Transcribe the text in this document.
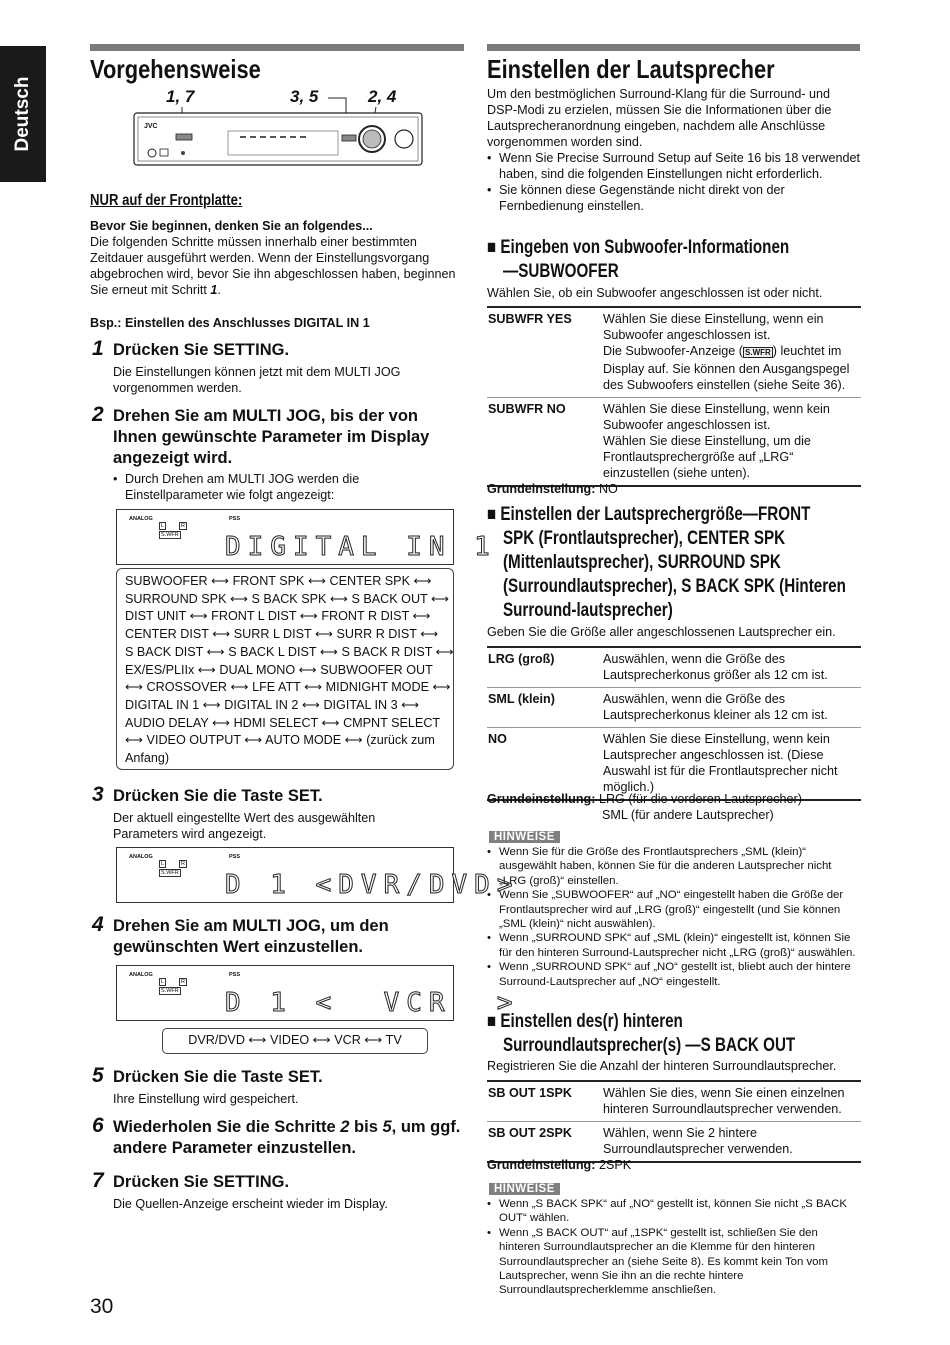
Deutsch
Vorgehensweise
1, 7	3, 5	2, 4
JVC
NUR auf der Frontplatte:
Bevor Sie beginnen, denken Sie an folgendes...
Die folgenden Schritte müssen innerhalb einer bestimmten Zeitdauer ausgeführt werden. Wenn der Einstellungsvorgang abgebrochen wird, bevor Sie ihn abgeschlossen haben, beginnen Sie erneut mit Schritt 1.
Bsp.: Einstellen des Anschlusses DIGITAL IN 1
1 Drücken Sie SETTING.
Die Einstellungen können jetzt mit dem MULTI JOG vorgenommen werden.
2 Drehen Sie am MULTI JOG, bis der von Ihnen gewünschte Parameter im Display angezeigt wird.
• Durch Drehen am MULTI JOG werden die Einstellparameter wie folgt angezeigt:
ANALOG
L	R
S.WFR
PSS
DIGITAL IN 1
SUBWOOFER ⟷ FRONT SPK ⟷ CENTER SPK ⟷
SURROUND SPK ⟷ S BACK SPK ⟷ S BACK OUT ⟷
DIST UNIT ⟷ FRONT L DIST ⟷ FRONT R DIST ⟷
CENTER DIST ⟷ SURR L DIST ⟷ SURR R DIST ⟷
S BACK DIST ⟷ S BACK L DIST ⟷ S BACK R DIST ⟷
EX/ES/PLIIx ⟷ DUAL MONO ⟷ SUBWOOFER OUT
⟷ CROSSOVER ⟷ LFE ATT ⟷ MIDNIGHT MODE ⟷
DIGITAL IN 1 ⟷ DIGITAL IN 2 ⟷ DIGITAL IN 3 ⟷
AUDIO DELAY ⟷ HDMI SELECT ⟷ CMPNT SELECT
⟷ VIDEO OUTPUT ⟷ AUTO MODE ⟷ (zurück zum
Anfang)
3 Drücken Sie die Taste SET.
Der aktuell eingestellte Wert des ausgewählten Parameters wird angezeigt.
ANALOG
L	R
S.WFR
PSS
D 1 <DVR/DVD>
4 Drehen Sie am MULTI JOG, um den gewünschten Wert einzustellen.
ANALOG
L	R
S.WFR
PSS
D 1 <  VCR  >
DVR/DVD ⟷ VIDEO ⟷ VCR ⟷ TV
5 Drücken Sie die Taste SET.
Ihre Einstellung wird gespeichert.
6 Wiederholen Sie die Schritte 2 bis 5, um ggf. andere Parameter einzustellen.
7 Drücken Sie SETTING.
Die Quellen-Anzeige erscheint wieder im Display.
30
Einstellen der Lautsprecher
Um den bestmöglichen Surround-Klang für die Surround- und DSP-Modi zu erzielen, müssen Sie die Informationen über die Lautsprecheranordnung eingeben, nachdem alle Anschlüsse vorgenommen worden sind.
• Wenn Sie Precise Surround Setup auf Seite 16 bis 18 verwendet haben, sind die folgenden Einstellungen nicht erforderlich.
• Sie können diese Gegenstände nicht direkt von der Fernbedienung einstellen.
■ Eingeben von Subwoofer-Informationen
—SUBWOOFER
Wählen Sie, ob ein Subwoofer angeschlossen ist oder nicht.
SUBWFR YES	Wählen Sie diese Einstellung, wenn ein Subwoofer angeschlossen ist.
Die Subwoofer-Anzeige ( S.WFR ) leuchtet im Display auf. Sie können den Ausgangspegel des Subwoofers einstellen (siehe Seite 36).

SUBWFR NO	Wählen Sie diese Einstellung, wenn kein Subwoofer angeschlossen ist.
Wählen Sie diese Einstellung, um die Frontlautsprechergröße auf „LRG“ einzustellen (siehe unten).
Grundeinstellung: NO
■ Einstellen der Lautsprechergröße—FRONT
SPK (Frontlautsprecher), CENTER SPK
(Mittenlautsprecher), SURROUND SPK
(Surroundlautsprecher), S BACK SPK (Hinteren
Surround-lautsprecher)
Geben Sie die Größe aller angeschlossenen Lautsprecher ein.
LRG (groß)	Auswählen, wenn die Größe des Lautsprecherkonus größer als 12 cm ist.
SML (klein)	Auswählen, wenn die Größe des Lautsprecherkonus kleiner als 12 cm ist.
NO	Wählen Sie diese Einstellung, wenn kein Lautsprecher angeschlossen ist. (Diese Auswahl ist für die Frontlautsprecher nicht möglich.)
Grundeinstellung: LRG (für die vorderen Lautsprecher)
SML (für andere Lautsprecher)
HINWEISE
• Wenn Sie für die Größe des Frontlautsprechers „SML (klein)“ ausgewählt haben, können Sie für die anderen Lautsprecher nicht „LRG (groß)“ einstellen.
• Wenn Sie „SUBWOOFER“ auf „NO“ eingestellt haben die Größe der Frontlautsprecher wird auf „LRG (groß)“ eingestellt (und Sie können „SML (klein)“ nicht auswählen).
• Wenn „SURROUND SPK“ auf „SML (klein)“ eingestellt ist, können Sie für den hinteren Surround-Lautsprecher nicht „LRG (groß)“ auswählen.
• Wenn „SURROUND SPK“ auf „NO“ gestellt ist, bliebt auch der hintere Surround-Lautsprecher auf „NO“ eingestellt.
■ Einstellen des(r) hinteren
Surroundlautsprecher(s) —S BACK OUT
Registrieren Sie die Anzahl der hinteren Surroundlautsprecher.
SB OUT 1SPK	Wählen Sie dies, wenn Sie einen einzelnen hinteren Surroundlautsprecher verwenden.
SB OUT 2SPK	Wählen, wenn Sie 2 hintere Surroundlautsprecher verwenden.
Grundeinstellung: 2SPK
HINWEISE
• Wenn „S BACK SPK“ auf „NO“ gestellt ist, können Sie nicht „S BACK OUT“ wählen.
• Wenn „S BACK OUT“ auf „1SPK“ gestellt ist, schließen Sie den hinteren Surroundlautsprecher an die Klemme für den hinteren Surroundlautsprecher an (siehe Seite 8). Es kommt kein Ton vom Lautsprecher, wenn Sie ihn an die rechte hintere Surroundlautsprecherklemme anschließen.
